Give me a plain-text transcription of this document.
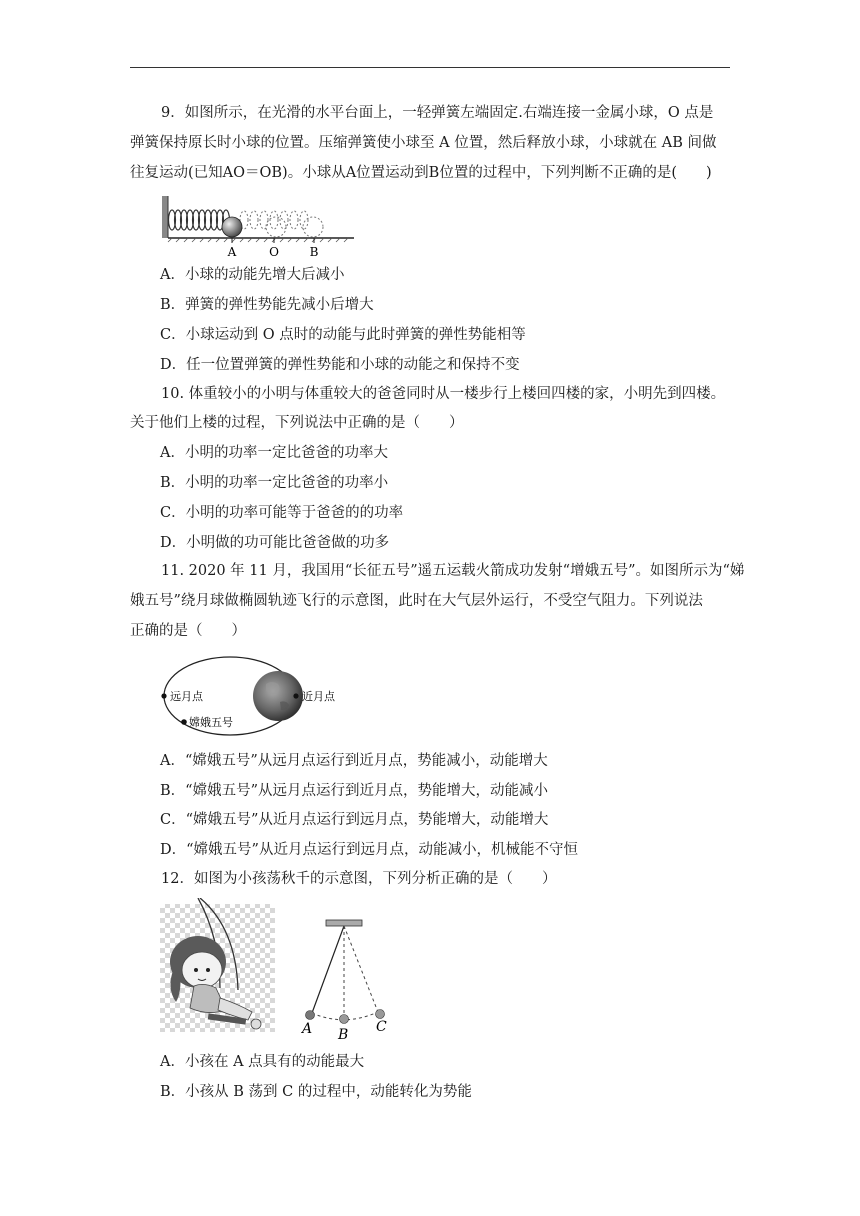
9．如图所示，在光滑的水平台面上，一轻弹簧左端固定.右端连接一金属小球，O 点是
弹簧保持原长时小球的位置。压缩弹簧使小球至 A 位置，然后释放小球，小球就在 AB 间做
往复运动(已知AO＝OB)。小球从A位置运动到B位置的过程中，下列判断不正确的是(　　)
A	O	B
A．小球的动能先增大后减小
B．弹簧的弹性势能先减小后增大
C．小球运动到 O 点时的动能与此时弹簧的弹性势能相等
D．任一位置弹簧的弹性势能和小球的动能之和保持不变
10. 体重较小的小明与体重较大的爸爸同时从一楼步行上楼回四楼的家，小明先到四楼。
关于他们上楼的过程，下列说法中正确的是（　　）
A．小明的功率一定比爸爸的功率大
B．小明的功率一定比爸爸的功率小
C．小明的功率可能等于爸爸的的功率
D．小明做的功可能比爸爸做的功多
11. 2020 年 11 月，我国用“长征五号”遥五运载火箭成功发射“增娥五号”。如图所示为“娣
娥五号”绕月球做椭圆轨迹飞行的示意图，此时在大气层外运行，不受空气阻力。下列说法
正确的是（　　）
远月点	近月点
嫦娥五号
A．“嫦娥五号”从远月点运行到近月点，势能减小，动能增大
B．“嫦娥五号”从远月点运行到近月点，势能增大，动能减小
C．“嫦娥五号”从近月点运行到远月点，势能增大，动能增大
D．“嫦娥五号”从近月点运行到远月点，动能减小，机械能不守恒
12．如图为小孩荡秋千的示意图，下列分析正确的是（　　）
A B C
A．小孩在 A 点具有的动能最大
B．小孩从 B 荡到 C 的过程中，动能转化为势能
